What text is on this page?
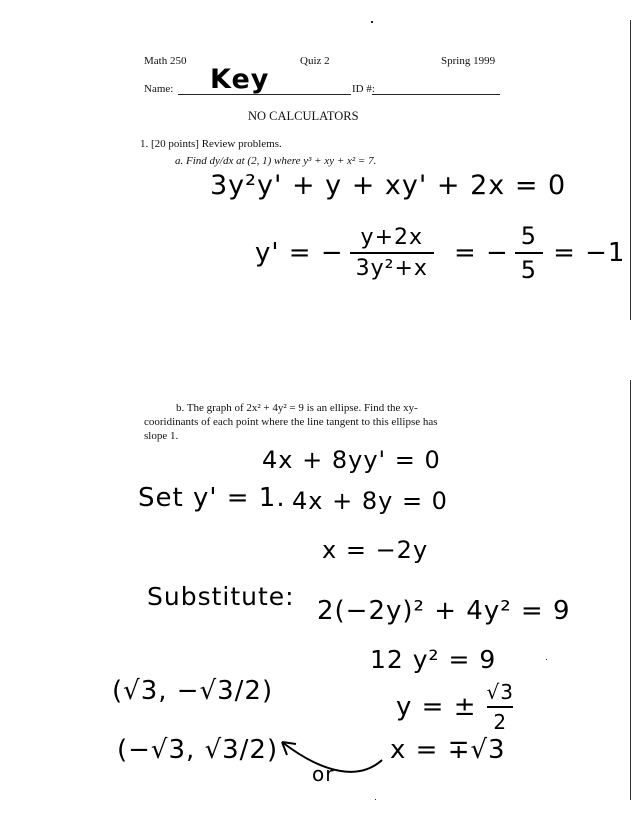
Math 250	Quiz 2	Spring 1999
Name: Key	ID #:
NO CALCULATORS
1. [20 points] Review problems.
a. Find dy/dx at (2, 1) where y³ + xy + x² = 7.
3y²y' + y + xy' + 2x = 0
y' = − $\frac{y+2x}{\text{3y²+x}}$ = − $\frac{5}{5} = -1$
b. The graph of 2x² + 4y² = 9 is an ellipse. Find the xy-
cooridinants of each point where the line tangent to this ellipse has
slope 1.
4x + 8yy' = 0
Set y' = 1. 4x + 8y = 0
x = −2y
Substitute: 2(−2y)² + 4y² = 9
12 y² = 9
y = ± $\frac{√3}{2}$
x = ∓√3
(√3, −√3/2)
(−√3, √3/2)
or
